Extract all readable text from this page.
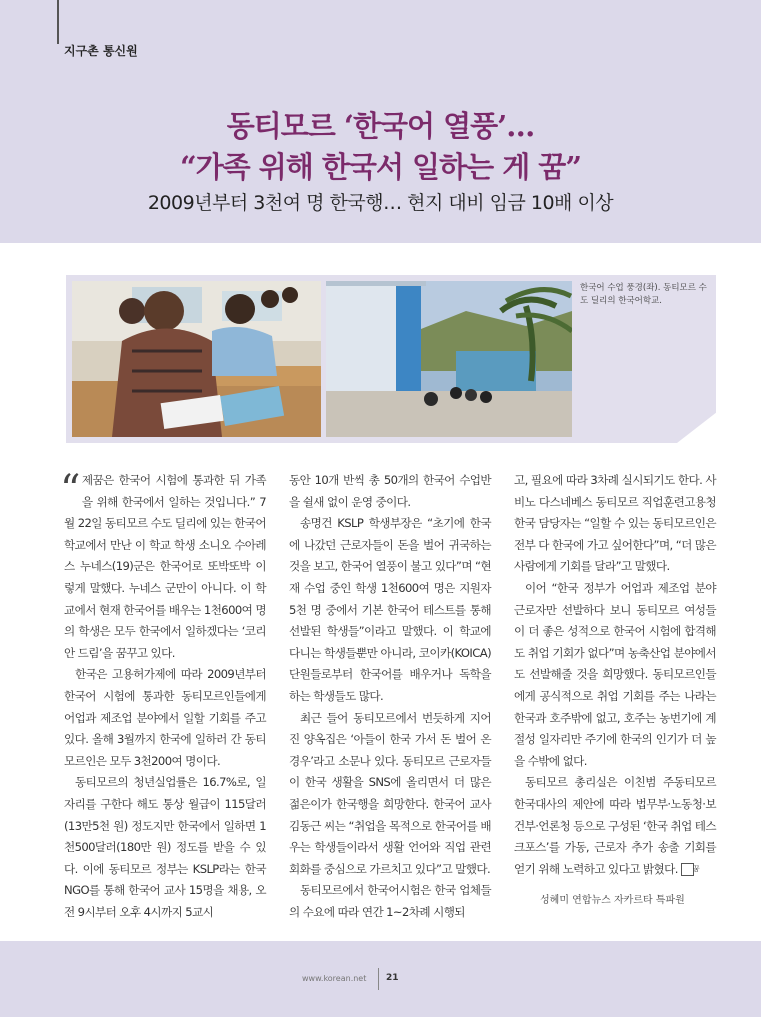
지구촌 통신원
동티모르 ‘한국어 열풍’…
“가족 위해 한국서 일하는 게 꿈”
2009년부터 3천여 명 한국행… 현지 대비 임금 10배 이상
한국어 수업 풍경(좌). 동티모르 수도 딜리의 한국어학교.
“ 제꿈은 한국어 시험에 통과한 뒤 가족을 위해 한국에서 일하는 것입니다.” 7월 22일 동티모르 수도 딜리에 있는 한국어 학교에서 만난 이 학교 학생 소니오 수아레스 누네스(19)군은 한국어로 또박또박 이렇게 말했다. 누네스 군만이 아니다. 이 학교에서 현재 한국어를 배우는 1천600여 명의 학생은 모두 한국에서 일하겠다는 ‘코리안 드림’을 꿈꾸고 있다.

한국은 고용허가제에 따라 2009년부터 한국어 시험에 통과한 동티모르인들에게 어업과 제조업 분야에서 일할 기회를 주고 있다. 올해 3월까지 한국에 일하러 간 동티모르인은 모두 3천200여 명이다.

동티모르의 청년실업률은 16.7%로, 일자리를 구한다 해도 통상 월급이 115달러(13만5천 원) 정도지만 한국에서 일하면 1천500달러(180만 원) 정도를 받을 수 있다. 이에 동티모르 정부는 KSLP라는 한국 NGO를 통해 한국어 교사 15명을 채용, 오전 9시부터 오후 4시까지 5교시

동안 10개 반씩 총 50개의 한국어 수업반을 쉴새 없이 운영 중이다.

송명건 KSLP 학생부장은 “초기에 한국에 나갔던 근로자들이 돈을 벌어 귀국하는 것을 보고, 한국어 열풍이 불고 있다”며 “현재 수업 중인 학생 1천600여 명은 지원자 5천 명 중에서 기본 한국어 테스트를 통해 선발된 학생들”이라고 말했다. 이 학교에 다니는 학생들뿐만 아니라, 코이카(KOICA) 단원들로부터 한국어를 배우거나 독학을 하는 학생들도 많다.

최근 들어 동티모르에서 번듯하게 지어진 양옥집은 ‘아들이 한국 가서 돈 벌어 온 경우’라고 소문나 있다. 동티모르 근로자들이 한국 생활을 SNS에 올리면서 더 많은 젊은이가 한국행을 희망한다. 한국어 교사 김동근 씨는 “취업을 목적으로 한국어를 배우는 학생들이라서 생활 언어와 직업 관련 회화를 중심으로 가르치고 있다”고 말했다.

동티모르에서 한국어시험은 한국 업체들의 수요에 따라 연간 1~2차례 시행되

고, 필요에 따라 3차례 실시되기도 한다. 사비노 다스네베스 동티모르 직업훈련고용청 한국 담당자는 “일할 수 있는 동티모르인은 전부 다 한국에 가고 싶어한다”며, “더 많은 사람에게 기회를 달라”고 말했다.

이어 “한국 정부가 어업과 제조업 분야 근로자만 선발하다 보니 동티모르 여성들이 더 좋은 성적으로 한국어 시험에 합격해도 취업 기회가 없다”며 농축산업 분야에서도 선발해줄 것을 희망했다. 동티모르인들에게 공식적으로 취업 기회를 주는 나라는 한국과 호주밖에 없고, 호주는 농번기에 계절성 일자리만 주기에 한국의 인기가 더 높을 수밖에 없다.

동티모르 총리실은 이친범 주동티모르 한국대사의 제안에 따라 법무부·노동청·보건부·언론청 등으로 구성된 ‘한국 취업 테스크포스’를 가동, 근로자 추가 송출 기회를 얻기 위해 노력하고 있다고 밝혔다. 꿈

성혜미 연합뉴스 자카르타 특파원
www.korean.net 21
